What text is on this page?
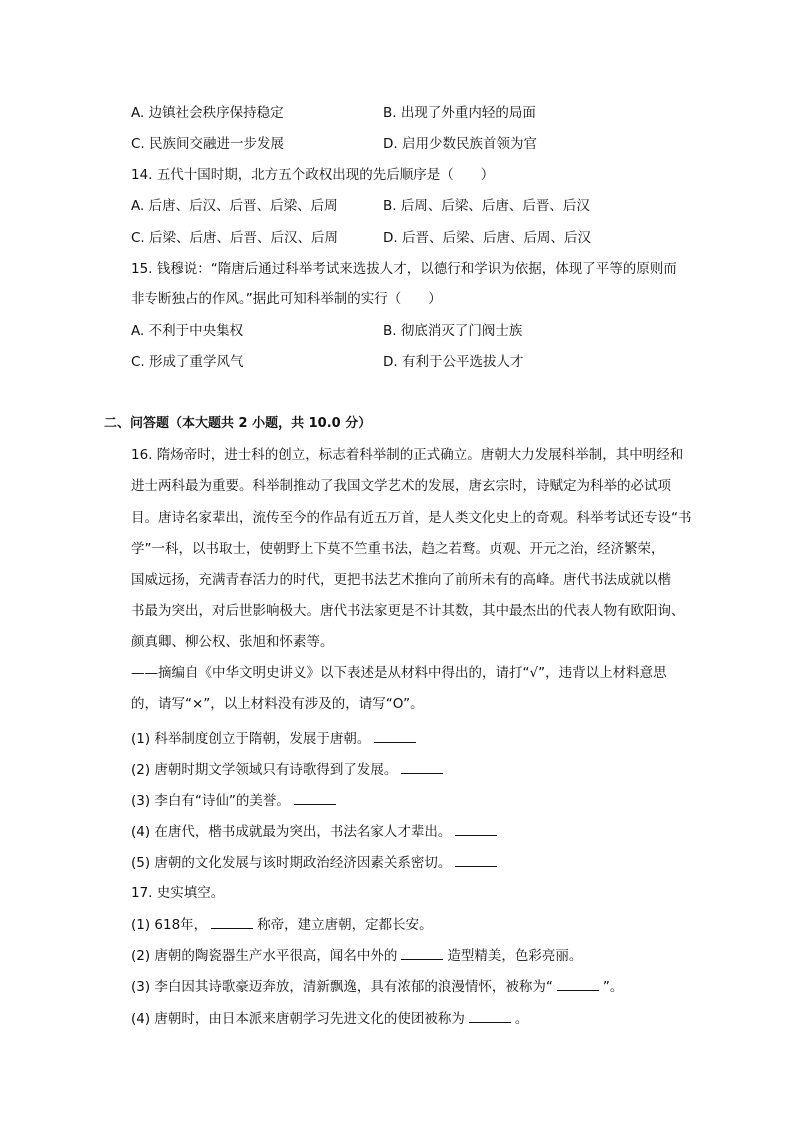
A. 边镇社会秩序保持稳定	B. 出现了外重内轻的局面
C. 民族间交融进一步发展	D. 启用少数民族首领为官
14. 五代十国时期，北方五个政权出现的先后顺序是（　　）
A. 后唐、后汉、后晋、后梁、后周	B. 后周、后梁、后唐、后晋、后汉
C. 后梁、后唐、后晋、后汉、后周	D. 后晋、后梁、后唐、后周、后汉
15. 钱穆说：“隋唐后通过科举考试来选拔人才，以德行和学识为依据，体现了平等的原则而
非专断独占的作风。”据此可知科举制的实行（　　）
A. 不利于中央集权	B. 彻底消灭了门阀士族
C. 形成了重学风气	D. 有利于公平选拔人才
二、问答题（本大题共 2 小题，共 10.0 分）
16. 隋炀帝时，进士科的创立，标志着科举制的正式确立。唐朝大力发展科举制，其中明经和
进士两科最为重要。科举制推动了我国文学艺术的发展，唐玄宗时，诗赋定为科举的必试项
目。唐诗名家辈出，流传至今的作品有近五万首，是人类文化史上的奇观。科举考试还专设“书
学”一科，以书取士，使朝野上下莫不竺重书法，趋之若鹜。贞观、开元之治，经济繁荣，
国威远扬，充满青春活力的时代，更把书法艺术推向了前所未有的高峰。唐代书法成就以楷
书最为突出，对后世影响极大。唐代书法家更是不计其数，其中最杰出的代表人物有欧阳询、
颜真卿、柳公权、张旭和怀素等。
——摘编自《中华文明史讲义》以下表述是从材料中得出的，请打“√”，违背以上材料意思
的，请写“×”，以上材料没有涉及的，请写“O”。
(1) 科举制度创立于隋朝，发展于唐朝。
(2) 唐朝时期文学领域只有诗歌得到了发展。
(3) 李白有“诗仙”的美誉。
(4) 在唐代，楷书成就最为突出，书法名家人才辈出。
(5) 唐朝的文化发展与该时期政治经济因素关系密切。
17. 史实填空。
(1) 618年，	称帝，建立唐朝，定都长安。
(2) 唐朝的陶瓷器生产水平很高，闻名中外的	造型精美，色彩亮丽。
(3) 李白因其诗歌豪迈奔放，清新飘逸，具有浓郁的浪漫情怀，被称为“	”。
(4) 唐朝时，由日本派来唐朝学习先进文化的使团被称为	。
